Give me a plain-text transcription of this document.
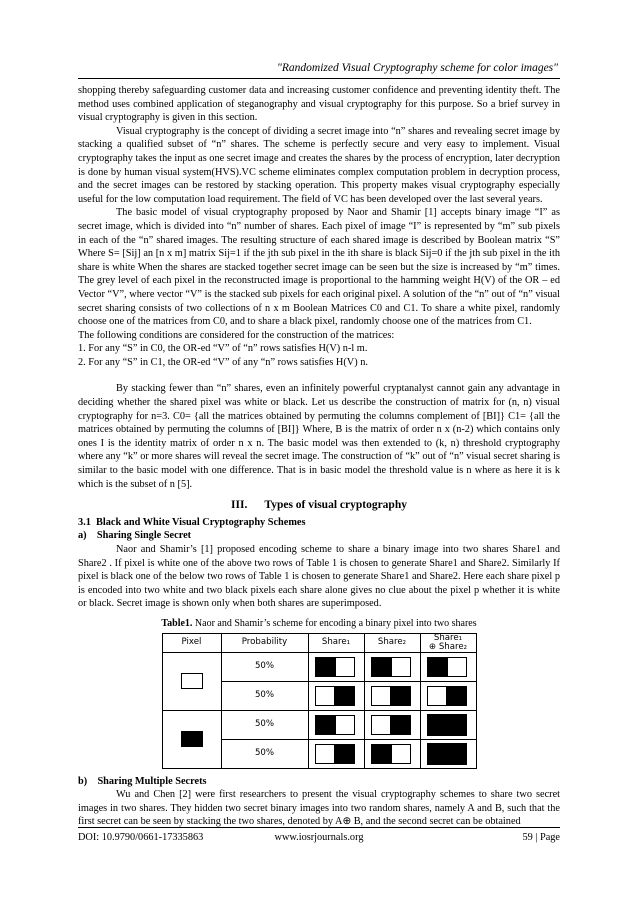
"Randomized Visual Cryptography scheme for color images"

shopping thereby safeguarding customer data and increasing customer confidence and preventing identity theft. The method uses combined application of steganography and visual cryptography for this purpose. So a brief survey in visual cryptography is given in this section.

Visual cryptography is the concept of dividing a secret image into “n” shares and revealing secret image by stacking a qualified subset of “n” shares. The scheme is perfectly secure and very easy to implement. Visual cryptography takes the input as one secret image and creates the shares by the process of encryption, later decryption is done by human visual system(HVS).VC scheme eliminates complex computation problem in decryption process, and the secret images can be restored by stacking operation. This property makes visual cryptography especially useful for the low computation load requirement. The field of VC has been developed over the last several years.

The basic model of visual cryptography proposed by Naor and Shamir [1] accepts binary image “I” as secret image, which is divided into “n” number of shares. Each pixel of image “I” is represented by “m” sub pixels in each of the “n” shared images. The resulting structure of each shared image is described by Boolean matrix “S” Where S= [Sij] an [n x m] matrix Sij=1 if the jth sub pixel in the ith share is black Sij=0 if the jth sub pixel in the ith share is white When the shares are stacked together secret image can be seen but the size is increased by “m” times. The grey level of each pixel in the reconstructed image is proportional to the hamming weight H(V) of the OR – ed Vector “V”, where vector “V” is the stacked sub pixels for each original pixel. A solution of the “n” out of “n” visual secret sharing consists of two collections of n x m Boolean Matrices C0 and C1. To share a white pixel, randomly choose one of the matrices from C0, and to share a black pixel, randomly choose one of the matrices from C1.

The following conditions are considered for the construction of the matrices:

1. For any “S” in C0, the OR-ed “V” of “n” rows satisfies H(V) n-l m.

2. For any “S” in C1, the OR-ed “V” of any “n” rows satisfies H(V) n.

By stacking fewer than “n” shares, even an infinitely powerful cryptanalyst cannot gain any advantage in deciding whether the shared pixel was white or black. Let us describe the construction of matrix for (n, n) visual cryptography for n=3. C0= {all the matrices obtained by permuting the columns complement of [BI]} C1= {all the matrices obtained by permuting the columns of [BI]} Where, B is the matrix of order n x (n-2) which contains only ones I is the identity matrix of order n x n. The basic model was then extended to (k, n) threshold cryptography where any “k” or more shares will reveal the secret image. The construction of “k” out of “n” visual secret sharing is similar to the basic model with one difference. That is in basic model the threshold value is n where as here it is k which is the subset of n [5].

III.      Types of visual cryptography

3.1  Black and White Visual Cryptography Schemes

a)    Sharing Single Secret

Naor and Shamir’s [1] proposed encoding scheme to share a binary image into two shares Share1 and Share2 . If pixel is white one of the above two rows of Table 1 is chosen to generate Share1 and Share2. Similarly If pixel is black one of the below two rows of Table 1 is chosen to generate Share1 and Share2. Here each share pixel p is encoded into two white and two black pixels each share alone gives no clue about the pixel p whether it is white or black. Secret image is shown only when both shares are superimposed.

Table1. Naor and Shamir’s scheme for encoding a binary pixel into two shares
Pixel	Probability	Share₁	Share₂	Share₁
⊕ Share₂

	50%	

	50%	

	50%	

	50%	

b)    Sharing Multiple Secrets

Wu and Chen [2] were first researchers to present the visual cryptography schemes to share two secret images in two shares. They hidden two secret binary images into two random shares, namely A and B, such that the first secret can be seen by stacking the two shares, denoted by A⊕ B, and the second secret can be obtained

DOI: 10.9790/0661-17335863	www.iosrjournals.org	59 | Page
